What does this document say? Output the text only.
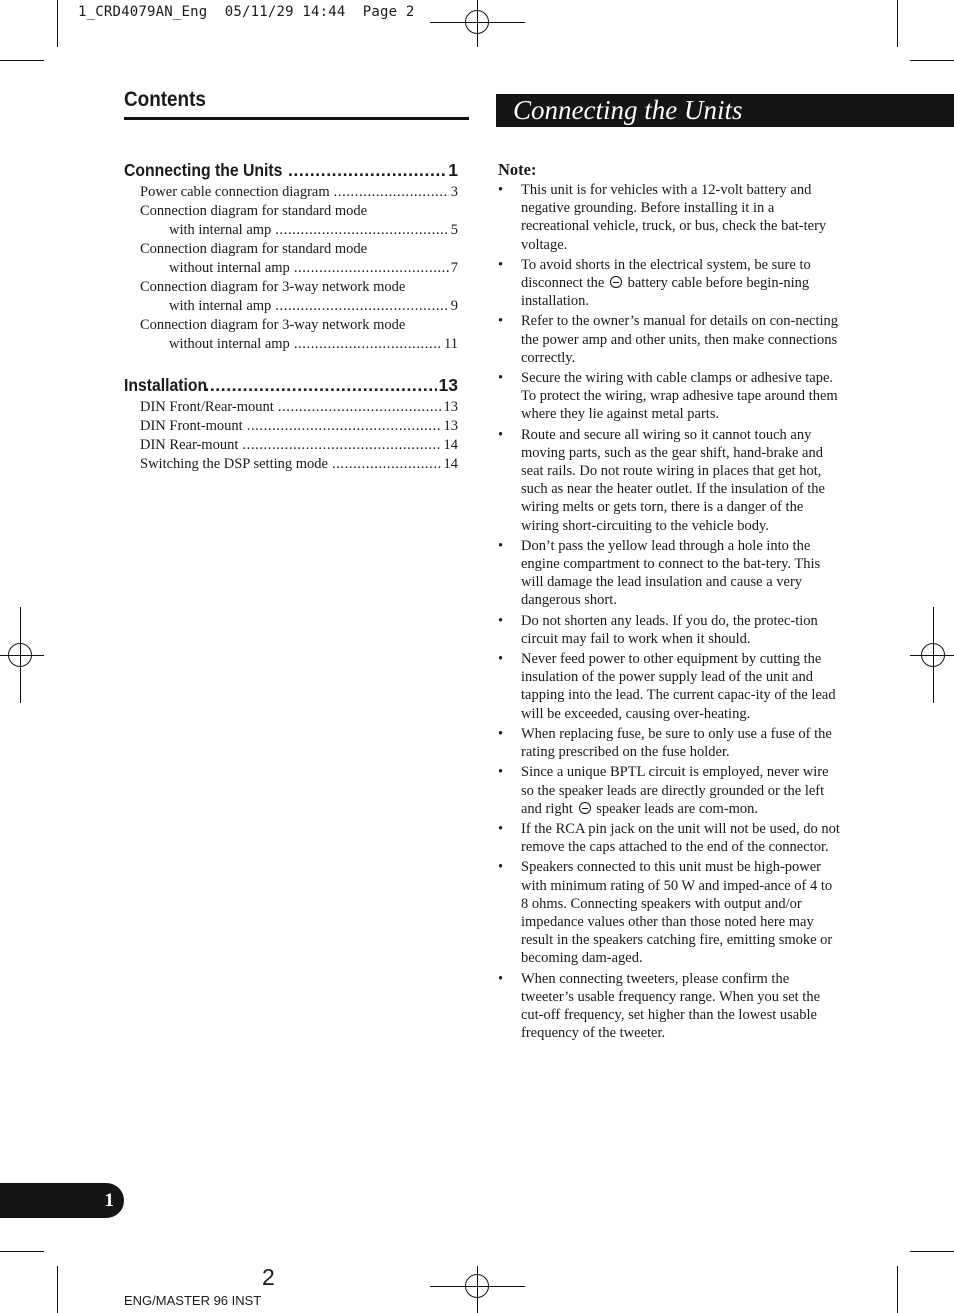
1_CRD4079AN_Eng  05/11/29 14:44  Page 2
Contents
Connecting the Units .....	1
Power cable connection diagram .....	3
Connection diagram for standard mode
with internal amp .....	5
Connection diagram for standard mode
without internal amp .....	7
Connection diagram for 3-way network mode
with internal amp .....	9
Connection diagram for 3-way network mode
without internal amp .....	11
Installation .....	13
DIN Front/Rear-mount .....	13
DIN Front-mount .....	13
DIN Rear-mount .....	14
Switching the DSP setting mode .....	14
Connecting the Units
Note:
• This unit is for vehicles with a 12-volt battery and negative grounding. Before installing it in a recreational vehicle, truck, or bus, check the bat-tery voltage.
• To avoid shorts in the electrical system, be sure to disconnect the  battery cable before begin-ning installation.
• Refer to the owner’s manual for details on con-necting the power amp and other units, then make connections correctly.
• Secure the wiring with cable clamps or adhesive tape. To protect the wiring, wrap adhesive tape around them where they lie against metal parts.
• Route and secure all wiring so it cannot touch any moving parts, such as the gear shift, hand-brake and seat rails. Do not route wiring in places that get hot, such as near the heater outlet. If the insulation of the wiring melts or gets torn, there is a danger of the wiring short-circuiting to the vehicle body.
• Don’t pass the yellow lead through a hole into the engine compartment to connect to the bat-tery. This will damage the lead insulation and cause a very dangerous short.
• Do not shorten any leads. If you do, the protec-tion circuit may fail to work when it should.
• Never feed power to other equipment by cutting the insulation of the power supply lead of the unit and tapping into the lead. The current capac-ity of the lead will be exceeded, causing over-heating.
• When replacing fuse, be sure to only use a fuse of the rating prescribed on the fuse holder.
• Since a unique BPTL circuit is employed, never wire so the speaker leads are directly grounded or the left and right  speaker leads are com-mon.
• If the RCA pin jack on the unit will not be used, do not remove the caps attached to the end of the connector.
• Speakers connected to this unit must be high-power with minimum rating of 50 W and imped-ance of 4 to 8 ohms. Connecting speakers with output and/or impedance values other than those noted here may result in the speakers catching fire, emitting smoke or becoming dam-aged.
• When connecting tweeters, please confirm the tweeter’s usable frequency range. When you set the cut-off frequency, set higher than the lowest usable frequency of the tweeter.
1
2
ENG/MASTER 96 INST
